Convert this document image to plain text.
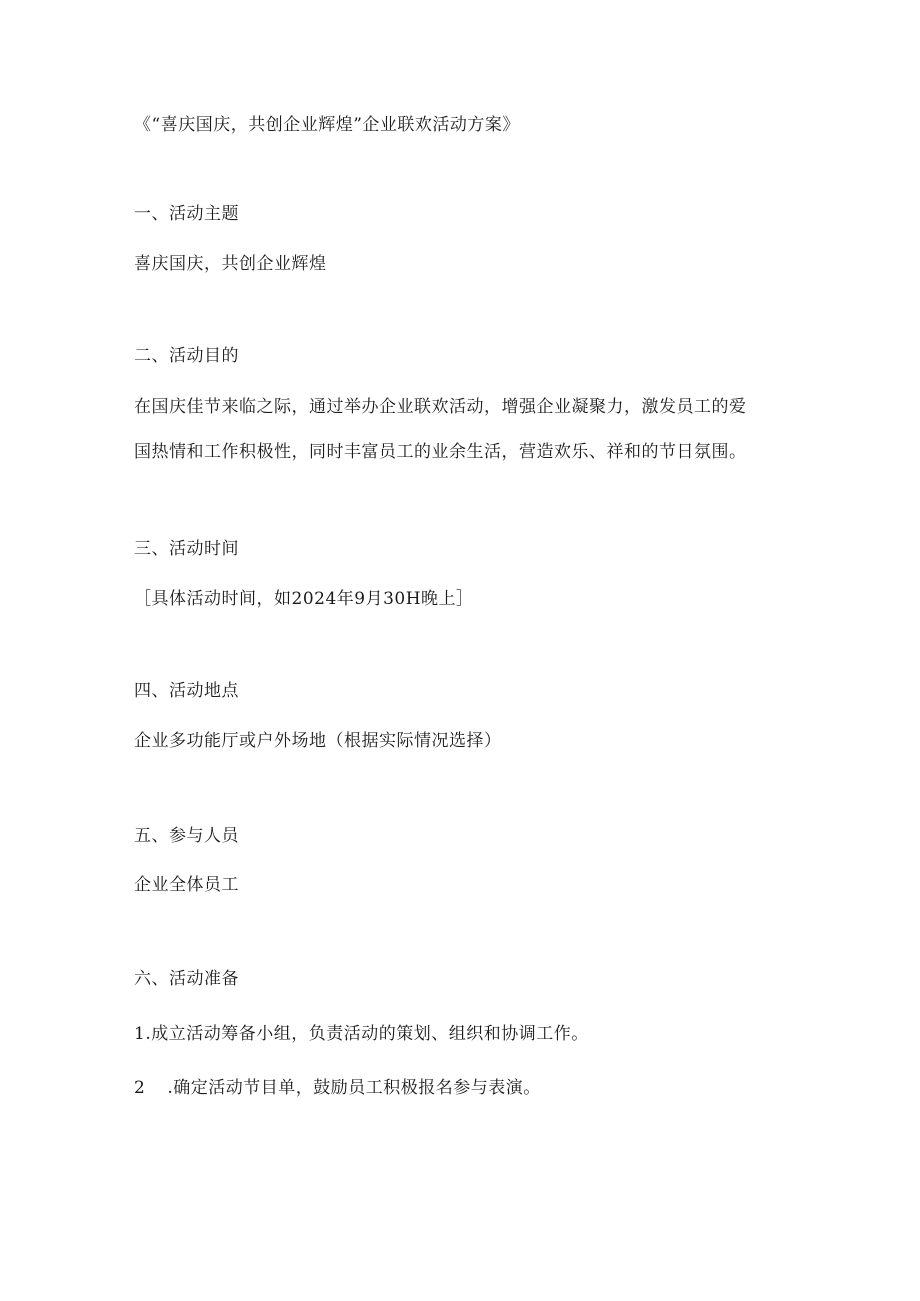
《“喜庆国庆，共创企业辉煌”企业联欢活动方案》
一、活动主题
喜庆国庆，共创企业辉煌
二、活动目的
在国庆佳节来临之际，通过举办企业联欢活动，增强企业凝聚力，激发员工的爱
国热情和工作积极性，同时丰富员工的业余生活，营造欢乐、祥和的节日氛围。
三、活动时间
［具体活动时间，如2024年9月30H晚上］
四、活动地点
企业多功能厅或户外场地（根据实际情况选择）
五、参与人员
企业全体员工
六、活动准备
1.成立活动筹备小组，负责活动的策划、组织和协调工作。
2 .确定活动节目单，鼓励员工积极报名参与表演。
